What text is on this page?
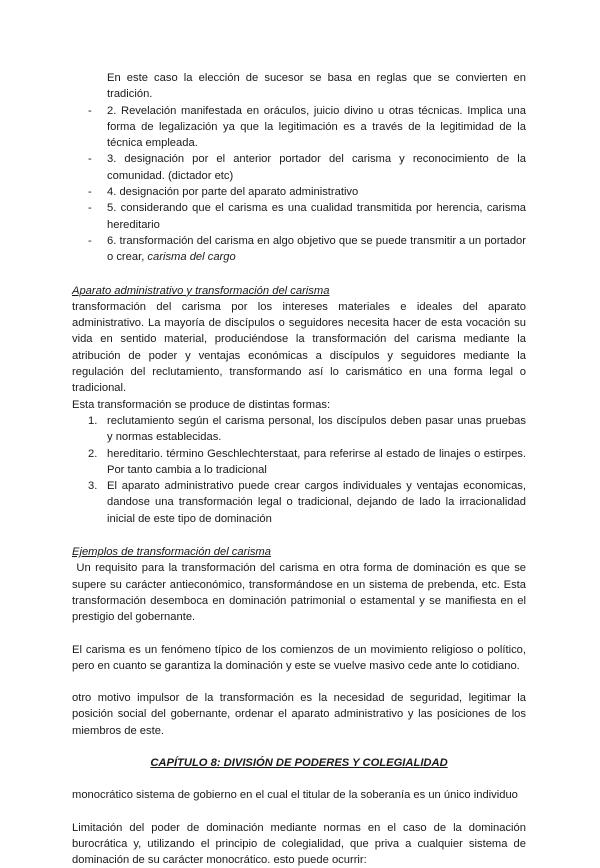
En este caso la elección de sucesor se basa en reglas que se convierten en tradición.

- 2. Revelación manifestada en oráculos, juicio divino u otras técnicas. Implica una forma de legalización ya que la legitimación es a través de la legitimidad de la técnica empleada.
- 3. designación por el anterior portador del carisma y reconocimiento de la comunidad. (dictador etc)
- 4. designación por parte del aparato administrativo
- 5. considerando que el carisma es una cualidad transmitida por herencia, carisma hereditario
- 6. transformación del carisma en algo objetivo que se puede transmitir a un portador o crear, carisma del cargo

Aparato administrativo y transformación del carisma

transformación del carisma por los intereses materiales e ideales del aparato administrativo. La mayoría de discípulos o seguidores necesita hacer de esta vocación su vida en sentido material, produciéndose la transformación del carisma mediante la atribución de poder y ventajas económicas a discípulos y seguidores mediante la regulación del reclutamiento, transformando así lo carismático en una forma legal o tradicional.

Esta transformación se produce de distintas formas:

1. reclutamiento según el carisma personal, los discípulos deben pasar unas pruebas y normas establecidas.
2. hereditario. término Geschlechterstaat, para referirse al estado de linajes o estirpes. Por tanto cambia a lo tradicional
3. El aparato administrativo puede crear cargos individuales y ventajas economicas, dandose una transformación legal o tradicional, dejando de lado la irracionalidad inicial de este tipo de dominación

Ejemplos de transformación del carisma

Un requisito para la transformación del carisma en otra forma de dominación es que se supere su carácter antieconómico, transformándose en un sistema de prebenda, etc. Esta transformación desemboca en dominación patrimonial o estamental y se manifiesta en el prestigio del gobernante.

El carisma es un fenómeno típico de los comienzos de un movimiento religioso o político, pero en cuanto se garantiza la dominación y este se vuelve masivo cede ante lo cotidiano.

otro motivo impulsor de la transformación es la necesidad de seguridad, legitimar la posición social del gobernante, ordenar el aparato administrativo y las posiciones de los miembros de este.

CAPÍTULO 8: DIVISIÓN DE PODERES Y COLEGIALIDAD

monocrático sistema de gobierno en el cual el titular de la soberanía es un único individuo

Limitación del poder de dominación mediante normas en el caso de la dominación burocrática y, utilizando el principio de colegialidad, que priva a cualquier sistema de dominación de su carácter monocrático. esto puede ocurrir:
